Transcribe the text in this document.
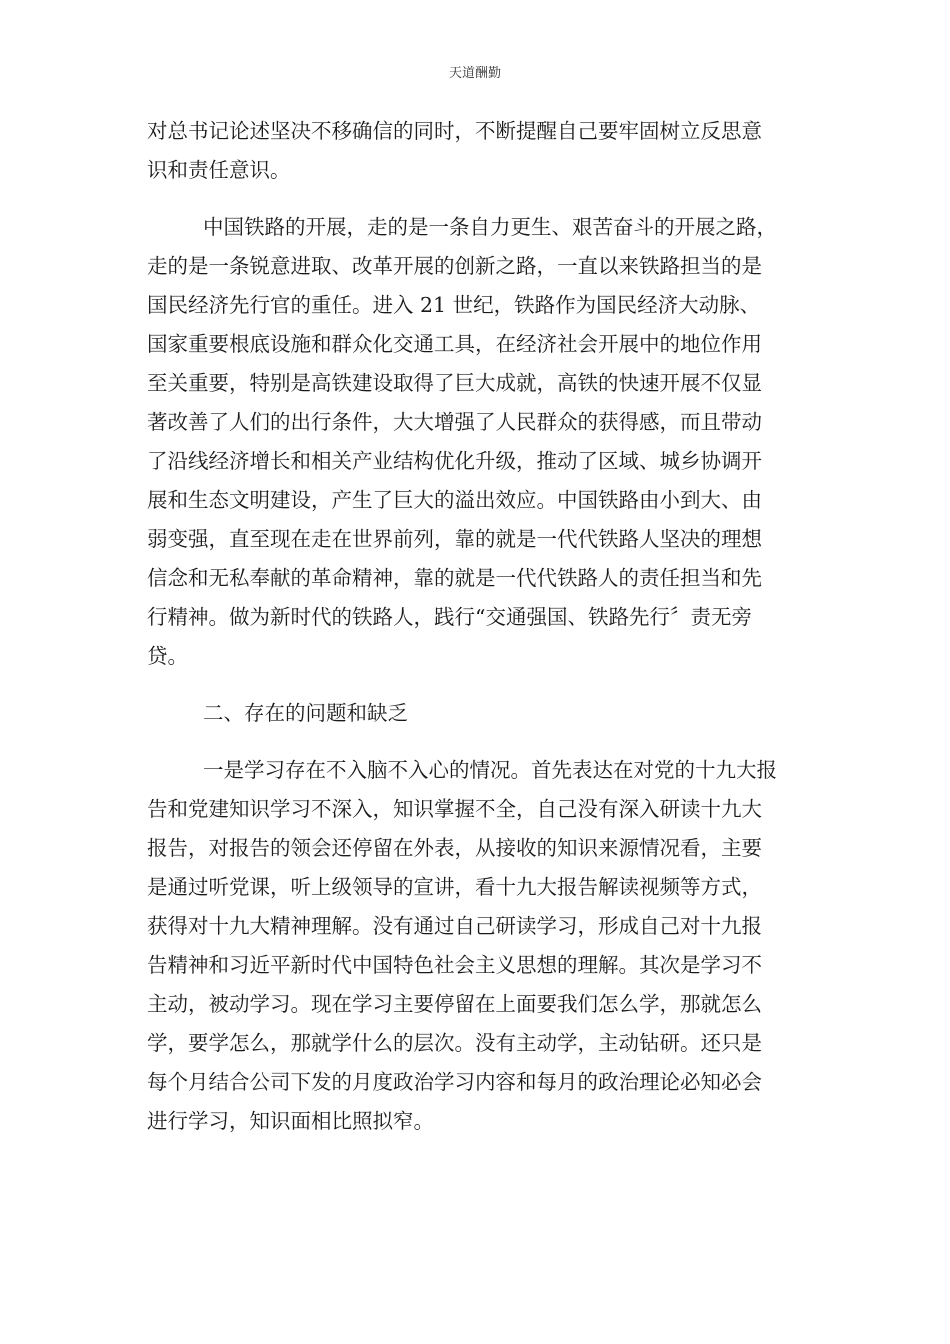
天道酬勤
对总书记论述坚决不移确信的同时，不断提醒自己要牢固树立反思意
识和责任意识。
中国铁路的开展，走的是一条自力更生、艰苦奋斗的开展之路，
走的是一条锐意进取、改革开展的创新之路，一直以来铁路担当的是
国民经济先行官的重任。进入 21 世纪，铁路作为国民经济大动脉、
国家重要根底设施和群众化交通工具，在经济社会开展中的地位作用
至关重要，特别是高铁建设取得了巨大成就，高铁的快速开展不仅显
著改善了人们的出行条件，大大增强了人民群众的获得感，而且带动
了沿线经济增长和相关产业结构优化升级，推动了区域、城乡协调开
展和生态文明建设，产生了巨大的溢出效应。中国铁路由小到大、由
弱变强，直至现在走在世界前列，靠的就是一代代铁路人坚决的理想
信念和无私奉献的革命精神，靠的就是一代代铁路人的责任担当和先
行精神。做为新时代的铁路人，践行“交通强国、铁路先行〞责无旁
贷。
二、存在的问题和缺乏
一是学习存在不入脑不入心的情况。首先表达在对党的十九大报
告和党建知识学习不深入，知识掌握不全，自己没有深入研读十九大
报告，对报告的领会还停留在外表，从接收的知识来源情况看，主要
是通过听党课，听上级领导的宣讲，看十九大报告解读视频等方式，
获得对十九大精神理解。没有通过自己研读学习，形成自己对十九报
告精神和习近平新时代中国特色社会主义思想的理解。其次是学习不
主动，被动学习。现在学习主要停留在上面要我们怎么学，那就怎么
学，要学怎么，那就学什么的层次。没有主动学，主动钻研。还只是
每个月结合公司下发的月度政治学习内容和每月的政治理论必知必会
进行学习，知识面相比照拟窄。
